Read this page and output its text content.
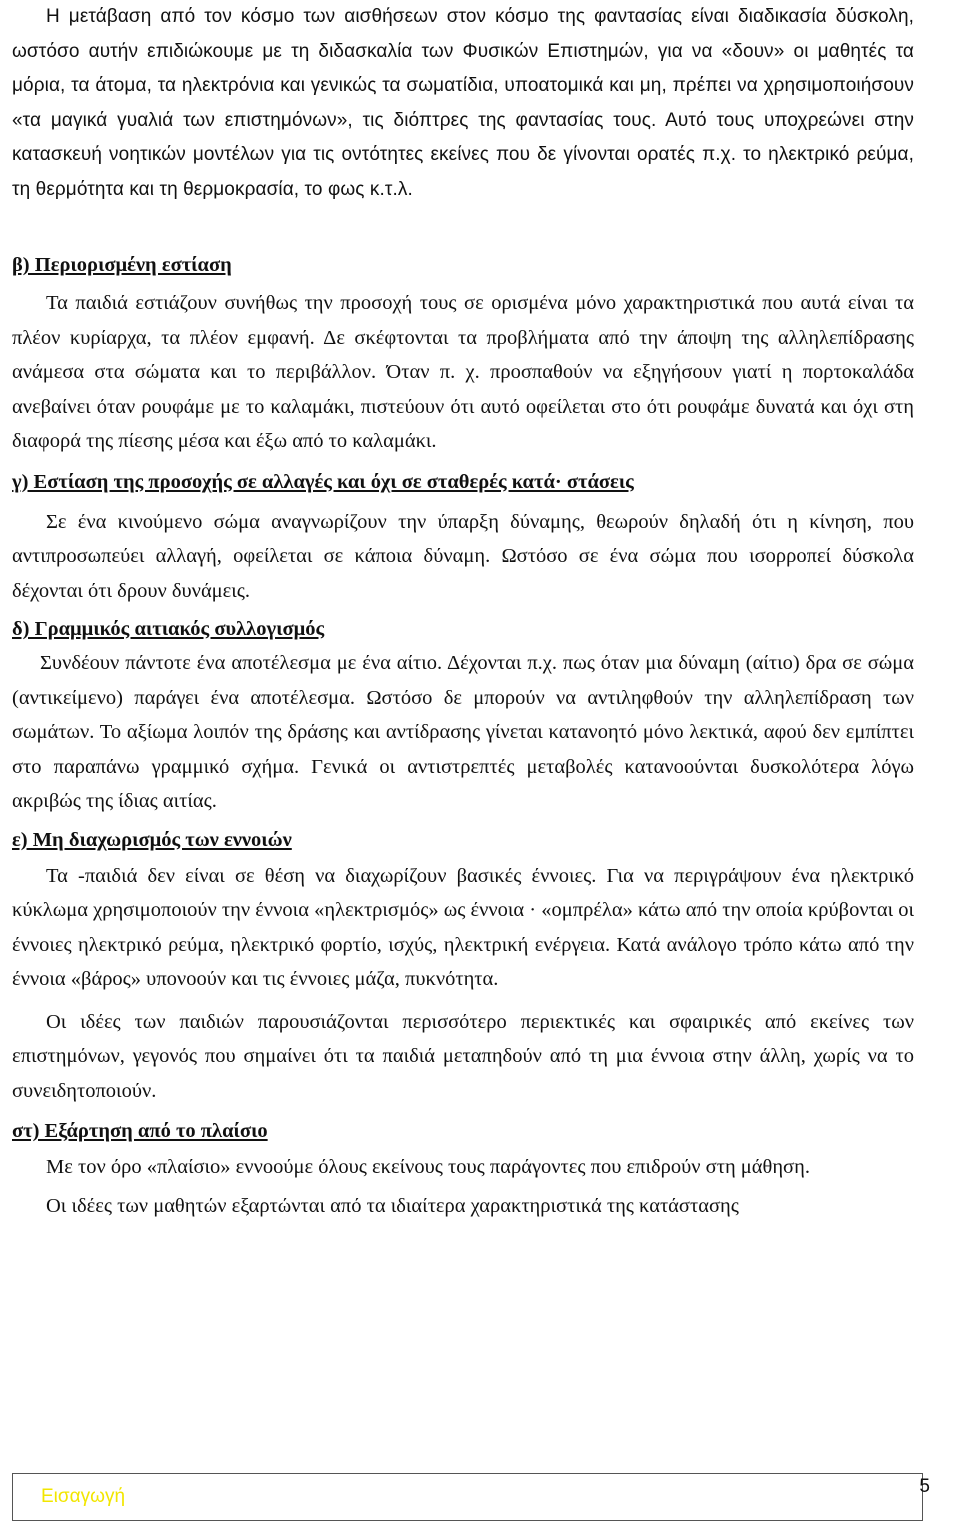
Η μετάβαση από τον κόσμο των αισθήσεων στον κόσμο της φαντασίας είναι διαδικασία δύσκολη, ωστόσο αυτήν επιδιώκουμε με τη διδασκαλία των Φυσικών Επιστημών, για να «δουν» οι μαθητές τα μόρια, τα άτομα, τα ηλεκτρόνια και γενικώς τα σωματίδια, υποατομικά και μη, πρέπει να χρησιμοποιήσουν «τα μαγικά γυαλιά των επιστημόνων», τις διόπτρες της φαντασίας τους. Αυτό τους υποχρεώνει στην κατασκευή νοητικών μοντέλων για τις οντότητες εκείνες που δε γίνονται ορατές π.χ. το ηλεκτρικό ρεύμα, τη θερμότητα και τη θερμοκρασία, το φως κ.τ.λ.

β) Περιορισμένη εστίαση

Τα παιδιά εστιάζουν συνήθως την προσοχή τους σε ορισμένα μόνο χαρακτηριστικά που αυτά είναι τα πλέον κυρίαρχα, τα πλέον εμφανή. Δε σκέφτονται τα προβλήματα από την άποψη της αλληλεπίδρασης ανάμεσα στα σώματα και το περιβάλλον. Όταν π. χ. προσπαθούν να εξηγήσουν γιατί η πορτοκαλάδα ανεβαίνει όταν ρουφάμε με το καλαμάκι, πιστεύουν ότι αυτό οφείλεται στο ότι ρουφάμε δυνατά και όχι στη διαφορά της πίεσης μέσα και έξω από το καλαμάκι.

γ) Εστίαση της προσοχής σε αλλαγές και όχι σε σταθερές κατά· στάσεις

Σε ένα κινούμενο σώμα αναγνωρίζουν την ύπαρξη δύναμης, θεωρούν δηλαδή ότι η κίνηση, που αντιπροσωπεύει αλλαγή, οφείλεται σε κάποια δύναμη. Ωστόσο σε ένα σώμα που ισορροπεί δύσκολα δέχονται ότι δρουν δυνάμεις.

δ) Γραμμικός αιτιακός συλλογισμός

Συνδέουν πάντοτε ένα αποτέλεσμα με ένα αίτιο. Δέχονται π.χ. πως όταν μια δύναμη (αίτιο) δρα σε σώμα (αντικείμενο) παράγει ένα αποτέλεσμα. Ωστόσο δε μπορούν να αντιληφθούν την αλληλεπίδραση των σωμάτων. Το αξίωμα λοιπόν της δράσης και αντίδρασης γίνεται κατανοητό μόνο λεκτικά, αφού δεν εμπίπτει στο παραπάνω γραμμικό σχήμα. Γενικά οι αντιστρεπτές μεταβολές κατανοούνται δυσκολότερα λόγω ακριβώς της ίδιας αιτίας.

ε) Μη διαχωρισμός των εννοιών

Τα -παιδιά δεν είναι σε θέση να διαχωρίζουν βασικές έννοιες. Για να περιγράψουν ένα ηλεκτρικό κύκλωμα χρησιμοποιούν την έννοια «ηλεκτρισμός» ως έννοια · «ομπρέλα» κάτω από την οποία κρύβονται οι έννοιες ηλεκτρικό ρεύμα, ηλεκτρικό φορτίο, ισχύς, ηλεκτρική ενέργεια. Κατά ανάλογο τρόπο κάτω από την έννοια «βάρος» υπονοούν και τις έννοιες μάζα, πυκνότητα.

Οι ιδέες των παιδιών παρουσιάζονται περισσότερο περιεκτικές και σφαιρικές από εκείνες των επιστημόνων, γεγονός που σημαίνει ότι τα παιδιά μεταπηδούν από τη μια έννοια στην άλλη, χωρίς να το συνειδητοποιούν.

στ) Εξάρτηση από το πλαίσιο

Με τον όρο «πλαίσιο» εννοούμε όλους εκείνους τους παράγοντες που επιδρούν στη μάθηση.

Οι ιδέες των μαθητών εξαρτώνται από τα ιδιαίτερα χαρακτηριστικά της κατάστασης

Εισαγωγή	5
